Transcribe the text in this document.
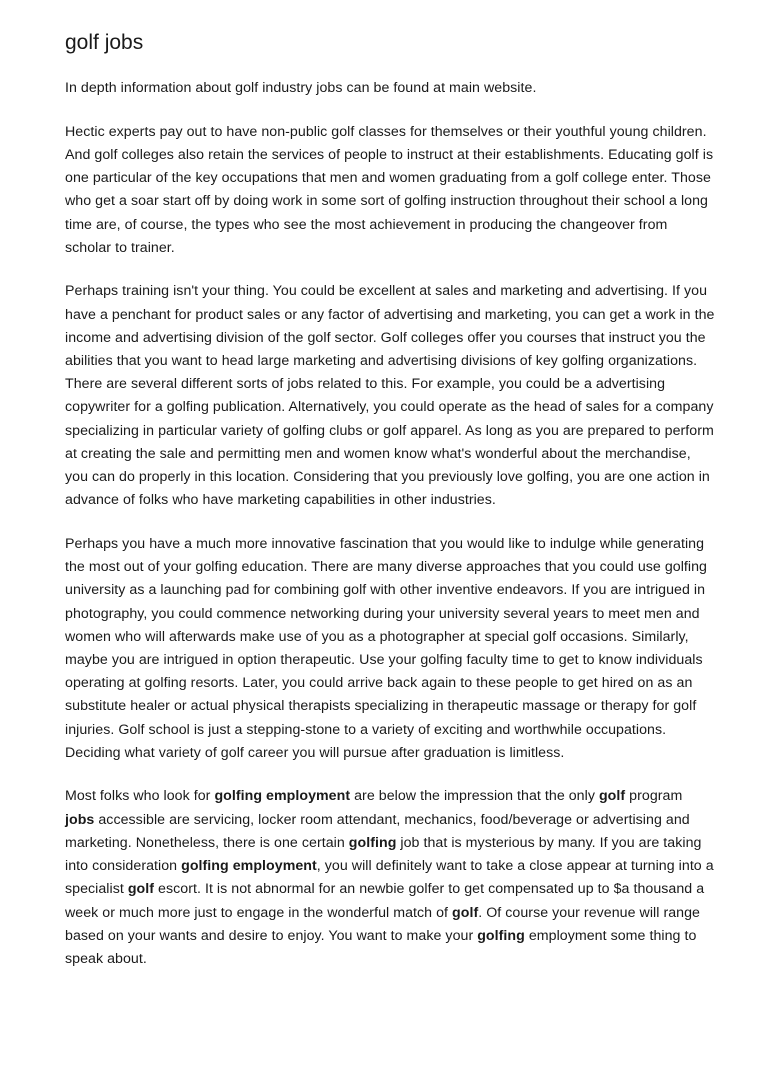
golf jobs

In depth information about golf industry jobs can be found at main website.

Hectic experts pay out to have non-public golf classes for themselves or their youthful young children. And golf colleges also retain the services of people to instruct at their establishments. Educating golf is one particular of the key occupations that men and women graduating from a golf college enter. Those who get a soar start off by doing work in some sort of golfing instruction throughout their school a long time are, of course, the types who see the most achievement in producing the changeover from scholar to trainer.

Perhaps training isn't your thing. You could be excellent at sales and marketing and advertising. If you have a penchant for product sales or any factor of advertising and marketing, you can get a work in the income and advertising division of the golf sector. Golf colleges offer you courses that instruct you the abilities that you want to head large marketing and advertising divisions of key golfing organizations. There are several different sorts of jobs related to this. For example, you could be a advertising copywriter for a golfing publication. Alternatively, you could operate as the head of sales for a company specializing in particular variety of golfing clubs or golf apparel. As long as you are prepared to perform at creating the sale and permitting men and women know what's wonderful about the merchandise, you can do properly in this location. Considering that you previously love golfing, you are one action in advance of folks who have marketing capabilities in other industries.

Perhaps you have a much more innovative fascination that you would like to indulge while generating the most out of your golfing education. There are many diverse approaches that you could use golfing university as a launching pad for combining golf with other inventive endeavors. If you are intrigued in photography, you could commence networking during your university several years to meet men and women who will afterwards make use of you as a photographer at special golf occasions. Similarly, maybe you are intrigued in option therapeutic. Use your golfing faculty time to get to know individuals operating at golfing resorts. Later, you could arrive back again to these people to get hired on as an substitute healer or actual physical therapists specializing in therapeutic massage or therapy for golf injuries. Golf school is just a stepping-stone to a variety of exciting and worthwhile occupations. Deciding what variety of golf career you will pursue after graduation is limitless.

Most folks who look for golfing employment are below the impression that the only golf program jobs accessible are servicing, locker room attendant, mechanics, food/beverage or advertising and marketing. Nonetheless, there is one certain golfing job that is mysterious by many. If you are taking into consideration golfing employment, you will definitely want to take a close appear at turning into a specialist golf escort. It is not abnormal for an newbie golfer to get compensated up to $a thousand a week or much more just to engage in the wonderful match of golf. Of course your revenue will range based on your wants and desire to enjoy. You want to make your golfing employment some thing to speak about.
